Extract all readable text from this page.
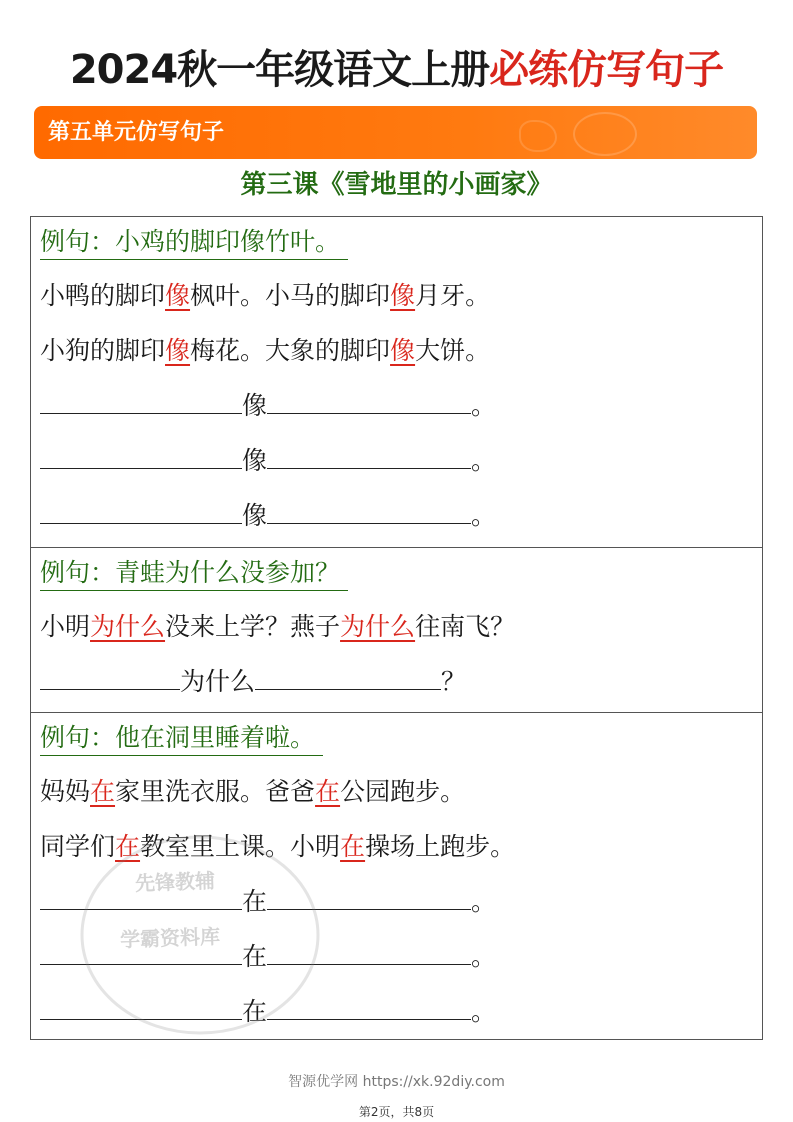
2024秋一年级语文上册必练仿写句子
第五单元仿写句子
第三课《雪地里的小画家》
例句：小鸡的脚印像竹叶。
小鸭的脚印像枫叶。小马的脚印像月牙。
小狗的脚印像梅花。大象的脚印像大饼。
像	。
像	。
像	。
例句：青蛙为什么没参加？
小明为什么没来上学？燕子为什么往南飞？
为什么	？
例句：他在洞里睡着啦。
妈妈在家里洗衣服。爸爸在公园跑步。
同学们在教室里上课。小明在操场上跑步。
在	。
在	。
在	。
先锋教辅
学霸资料库
智源优学网 https://xk.92diy.com
第2页，共8页
